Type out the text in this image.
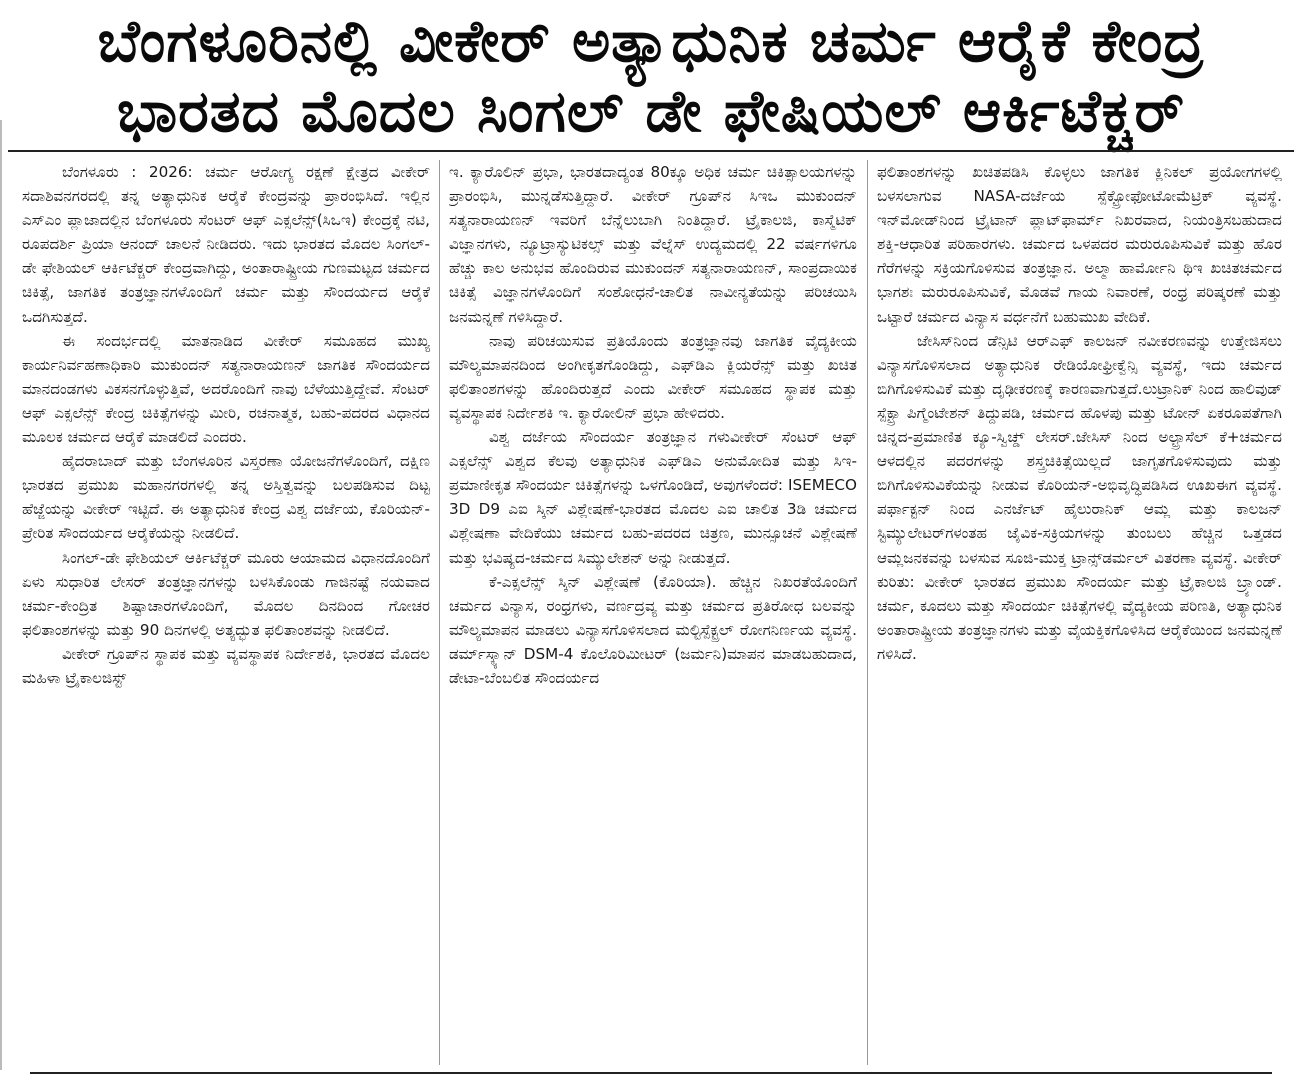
ಬೆಂಗಳೂರಿನಲ್ಲಿ ವೀಕೇರ್ ಅತ್ಯಾಧುನಿಕ ಚರ್ಮ ಆರೈಕೆ ಕೇಂದ್ರ
ಭಾರತದ ಮೊದಲ ಸಿಂಗಲ್ ಡೇ ಫೇಷಿಯಲ್ ಆರ್ಕಿಟೆಕ್ಚರ್

ಬೆಂಗಳೂರು : 2026: ಚರ್ಮ ಆರೋಗ್ಯ ರಕ್ಷಣೆ ಕ್ಷೇತ್ರದ ವೀಕೇರ್ ಸದಾಶಿವನಗರದಲ್ಲಿ ತನ್ನ ಅತ್ಯಾಧುನಿಕ ಆರೈಕೆ ಕೇಂದ್ರವನ್ನು ಪ್ರಾರಂಭಿಸಿದೆ. ಇಲ್ಲಿನ ಎಸ್ಎಂ ಪ್ಲಾಜಾದಲ್ಲಿನ ಬೆಂಗಳೂರು ಸೆಂಟರ್ ಆಫ್ ಎಕ್ಸಲೆನ್ಸ್(ಸಿಒಇ) ಕೇಂದ್ರಕ್ಕೆ ನಟಿ, ರೂಪದರ್ಶಿ ಪ್ರಿಯಾ ಆನಂದ್ ಚಾಲನೆ ನೀಡಿದರು. ಇದು ಭಾರತದ ಮೊದಲ ಸಿಂಗಲ್-ಡೇ ಫೇಶಿಯಲ್ ಆರ್ಕಿಟೆಕ್ಚರ್ ಕೇಂದ್ರವಾಗಿದ್ದು, ಅಂತಾರಾಷ್ಟ್ರೀಯ ಗುಣಮಟ್ಟದ ಚರ್ಮದ ಚಿಕಿತ್ಸೆ, ಜಾಗತಿಕ ತಂತ್ರಜ್ಞಾನಗಳೊಂದಿಗೆ ಚರ್ಮ ಮತ್ತು ಸೌಂದರ್ಯದ ಆರೈಕೆ ಒದಗಿಸುತ್ತದೆ.

ಈ ಸಂದರ್ಭದಲ್ಲಿ ಮಾತನಾಡಿದ ವೀಕೇರ್ ಸಮೂಹದ ಮುಖ್ಯ ಕಾರ್ಯನಿರ್ವಹಣಾಧಿಕಾರಿ ಮುಕುಂದನ್ ಸತ್ಯನಾರಾಯಣನ್ ಜಾಗತಿಕ ಸೌಂದರ್ಯದ ಮಾನದಂಡಗಳು ವಿಕಸನಗೊಳ್ಳುತ್ತಿವೆ, ಅದರೊಂದಿಗೆ ನಾವು ಬೆಳೆಯುತ್ತಿದ್ದೇವೆ. ಸೆಂಟರ್ ಆಫ್ ಎಕ್ಸಲೆನ್ಸ್ ಕೇಂದ್ರ ಚಿಕಿತ್ಸೆಗಳನ್ನು ಮೀರಿ, ರಚನಾತ್ಮಕ, ಬಹು-ಪದರದ ವಿಧಾನದ ಮೂಲಕ ಚರ್ಮದ ಆರೈಕೆ ಮಾಡಲಿದೆ ಎಂದರು.

ಹೈದರಾಬಾದ್ ಮತ್ತು ಬೆಂಗಳೂರಿನ ವಿಸ್ತರಣಾ ಯೋಜನೆಗಳೊಂದಿಗೆ, ದಕ್ಷಿಣ ಭಾರತದ ಪ್ರಮುಖ ಮಹಾನಗರಗಳಲ್ಲಿ ತನ್ನ ಅಸ್ತಿತ್ವವನ್ನು ಬಲಪಡಿಸುವ ದಿಟ್ಟ ಹೆಜ್ಜೆಯನ್ನು ವೀಕೇರ್ ಇಟ್ಟಿದೆ. ಈ ಅತ್ಯಾಧುನಿಕ ಕೇಂದ್ರ ವಿಶ್ವ ದರ್ಜೆಯ, ಕೊರಿಯನ್-ಪ್ರೇರಿತ ಸೌಂದರ್ಯದ ಆರೈಕೆಯನ್ನು ನೀಡಲಿದೆ.

ಸಿಂಗಲ್-ಡೇ ಫೇಶಿಯಲ್ ಆರ್ಕಿಟೆಕ್ಚರ್ ಮೂರು ಆಯಾಮದ ವಿಧಾನದೊಂದಿಗೆ ಏಳು ಸುಧಾರಿತ ಲೇಸರ್ ತಂತ್ರಜ್ಞಾನಗಳನ್ನು ಬಳಸಿಕೊಂಡು ಗಾಜಿನಷ್ಟೆ ನಯವಾದ ಚರ್ಮ-ಕೇಂದ್ರಿತ ಶಿಷ್ಟಾಚಾರಗಳೊಂದಿಗೆ, ಮೊದಲ ದಿನದಿಂದ ಗೋಚರ ಫಲಿತಾಂಶಗಳನ್ನು ಮತ್ತು 90 ದಿನಗಳಲ್ಲಿ ಅತ್ಯದ್ಭುತ ಫಲಿತಾಂಶವನ್ನು ನೀಡಲಿದೆ.

ವೀಕೇರ್ ಗ್ರೂಪ್‌ನ ಸ್ಥಾಪಕ ಮತ್ತು ವ್ಯವಸ್ಥಾಪಕ ನಿರ್ದೇಶಕಿ, ಭಾರತದ ಮೊದಲ ಮಹಿಳಾ ಟ್ರೈಕಾಲಜಿಸ್ಟ್

ಇ. ಕ್ಯಾರೊಲಿನ್ ಪ್ರಭಾ, ಭಾರತದಾದ್ಯಂತ 80ಕ್ಕೂ ಅಧಿಕ ಚರ್ಮ ಚಿಕಿತ್ಸಾಲಯಗಳನ್ನು ಪ್ರಾರಂಭಿಸಿ, ಮುನ್ನಡೆಸುತ್ತಿದ್ದಾರೆ. ವೀಕೇರ್ ಗ್ರೂಪ್‌ನ ಸಿಇಒ ಮುಕುಂದನ್ ಸತ್ಯನಾರಾಯಣನ್ ಇವರಿಗೆ ಬೆನ್ನೆಲುಬಾಗಿ ನಿಂತಿದ್ದಾರೆ. ಟ್ರೈಕಾಲಜಿ, ಕಾಸ್ಮೆಟಿಕ್ ವಿಜ್ಞಾನಗಳು, ನ್ಯೂಟ್ರಾಸ್ಯುಟಿಕಲ್ಸ್ ಮತ್ತು ವೆಲ್ನೆಸ್ ಉದ್ಯಮದಲ್ಲಿ 22 ವರ್ಷಗಳಿಗೂ ಹೆಚ್ಚು ಕಾಲ ಅನುಭವ ಹೊಂದಿರುವ ಮುಕುಂದನ್ ಸತ್ಯನಾರಾಯಣನ್, ಸಾಂಪ್ರದಾಯಿಕ ಚಿಕಿತ್ಸೆ ವಿಜ್ಞಾನಗಳೊಂದಿಗೆ ಸಂಶೋಧನೆ-ಚಾಲಿತ ನಾವೀನ್ಯತೆಯನ್ನು ಪರಿಚಯಿಸಿ ಜನಮನ್ನಣೆ ಗಳಿಸಿದ್ದಾರೆ.

ನಾವು ಪರಿಚಯಿಸುವ ಪ್ರತಿಯೊಂದು ತಂತ್ರಜ್ಞಾನವು ಜಾಗತಿಕ ವೈದ್ಯಕೀಯ ಮೌಲ್ಯಮಾಪನದಿಂದ ಅಂಗೀಕೃತಗೊಂಡಿದ್ದು, ಎಫ್‌ಡಿಎ ಕ್ಲಿಯರೆನ್ಸ್ ಮತ್ತು ಖಚಿತ ಫಲಿತಾಂಶಗಳನ್ನು ಹೊಂದಿರುತ್ತದೆ ಎಂದು ವೀಕೇರ್ ಸಮೂಹದ ಸ್ಥಾಪಕ ಮತ್ತು ವ್ಯವಸ್ಥಾಪಕ ನಿರ್ದೇಶಕಿ ಇ. ಕ್ಯಾರೋಲಿನ್ ಪ್ರಭಾ ಹೇಳಿದರು.

ವಿಶ್ವ ದರ್ಜೆಯ ಸೌಂದರ್ಯ ತಂತ್ರಜ್ಞಾನ ಗಳುವೀಕೇರ್ ಸೆಂಟರ್ ಆಫ್ ಎಕ್ಸಲೆನ್ಸ್ ವಿಶ್ವದ ಕೆಲವು ಅತ್ಯಾಧುನಿಕ ಎಫ್‌ಡಿಎ ಅನುಮೋದಿತ ಮತ್ತು ಸಿಇ-ಪ್ರಮಾಣೀಕೃತ ಸೌಂದರ್ಯ ಚಿಕಿತ್ಸೆಗಳನ್ನು ಒಳಗೊಂಡಿದೆ, ಅವುಗಳೆಂದರೆ: ISEMECO 3D D9 ಎಐ ಸ್ಕಿನ್ ವಿಶ್ಲೇಷಣೆ-ಭಾರತದ ಮೊದಲ ಎಐ ಚಾಲಿತ 3ಡಿ ಚರ್ಮದ ವಿಶ್ಲೇಷಣಾ ವೇದಿಕೆಯು ಚರ್ಮದ ಬಹು-ಪದರದ ಚಿತ್ರಣ, ಮುನ್ಸೂಚನೆ ವಿಶ್ಲೇಷಣೆ ಮತ್ತು ಭವಿಷ್ಯದ-ಚರ್ಮದ ಸಿಮ್ಯುಲೇಶನ್ ಅನ್ನು ನೀಡುತ್ತದೆ.

ಕೆ-ಎಕ್ಸಲೆನ್ಸ್ ಸ್ಕಿನ್ ವಿಶ್ಲೇಷಣೆ (ಕೊರಿಯಾ). ಹೆಚ್ಚಿನ ನಿಖರತೆಯೊಂದಿಗೆ ಚರ್ಮದ ವಿನ್ಯಾಸ, ರಂಧ್ರಗಳು, ವರ್ಣದ್ರವ್ಯ ಮತ್ತು ಚರ್ಮದ ಪ್ರತಿರೋಧ ಬಲವನ್ನು ಮೌಲ್ಯಮಾಪನ ಮಾಡಲು ವಿನ್ಯಾಸಗೊಳಿಸಲಾದ ಮಲ್ಟಿಸ್ಪೆಕ್ಟ್ರಲ್ ರೋಗನಿರ್ಣಯ ವ್ಯವಸ್ಥೆ. ಡರ್ಮ್‌ಸ್ಕ್ಯಾನ್ DSM-4 ಕೊಲೊರಿಮೀಟರ್ (ಜರ್ಮನಿ)ಮಾಪನ ಮಾಡಬಹುದಾದ, ಡೇಟಾ-ಬೆಂಬಲಿತ ಸೌಂದರ್ಯದ

ಫಲಿತಾಂಶಗಳನ್ನು ಖಚಿತಪಡಿಸಿ ಕೊಳ್ಳಲು ಜಾಗತಿಕ ಕ್ಲಿನಿಕಲ್ ಪ್ರಯೋಗಗಳಲ್ಲಿ ಬಳಸಲಾಗುವ NASA-ದರ್ಜೆಯ ಸ್ಪೆಕ್ಟ್ರೋಫೋಟೋಮೆಟ್ರಿಕ್ ವ್ಯವಸ್ಥೆ. ಇನ್‌ಮೋಡ್‌ನಿಂದ ಟ್ರೈಟಾನ್ ಪ್ಲಾಟ್‌ಫಾರ್ಮ್ ನಿಖರವಾದ, ನಿಯಂತ್ರಿಸಬಹುದಾದ ಶಕ್ತಿ-ಆಧಾರಿತ ಪರಿಹಾರಗಳು. ಚರ್ಮದ ಒಳಪದರ ಮರುರೂಪಿಸುವಿಕೆ ಮತ್ತು ಹೊರ ಗೆರೆಗಳನ್ನು ಸಕ್ರಿಯಗೊಳಿಸುವ ತಂತ್ರಜ್ಞಾನ. ಅಲ್ಮಾ ಹಾರ್ಮೋನಿ ಥಿಇ ಖಚಿತಚರ್ಮದ ಭಾಗಶಃ ಮರುರೂಪಿಸುವಿಕೆ, ಮೊಡವೆ ಗಾಯ ನಿವಾರಣೆ, ರಂಧ್ರ ಪರಿಷ್ಕರಣೆ ಮತ್ತು ಒಟ್ಟಾರೆ ಚರ್ಮದ ವಿನ್ಯಾಸ ವರ್ಧನೆಗೆ ಬಹುಮುಖ ವೇದಿಕೆ.

ಜೇಸಿಸ್‌ನಿಂದ ಡೆನ್ಸಿಟಿ ಆರ್‌ಎಫ್ ಕಾಲಜನ್ ನವೀಕರಣವನ್ನು ಉತ್ತೇಜಿಸಲು ವಿನ್ಯಾಸಗೊಳಿಸಲಾದ ಅತ್ಯಾಧುನಿಕ ರೇಡಿಯೋಫ್ರೀಕ್ವೆನ್ಸಿ ವ್ಯವಸ್ಥೆ, ಇದು ಚರ್ಮದ ಬಿಗಿಗೊಳಿಸುವಿಕೆ ಮತ್ತು ದೃಢೀಕರಣಕ್ಕೆ ಕಾರಣವಾಗುತ್ತದೆ.ಲುಟ್ರಾನಿಕ್ ನಿಂದ ಹಾಲಿವುಡ್ ಸ್ಪೆಕ್ಟ್ರಾ ಪಿಗ್ಮೆಂಟೇಶನ್ ತಿದ್ದುಪಡಿ, ಚರ್ಮದ ಹೊಳಪು ಮತ್ತು ಟೋನ್ ಏಕರೂಪತೆಗಾಗಿ ಚಿನ್ನದ-ಪ್ರಮಾಣಿತ ಕ್ಯೂ-ಸ್ವಿಚ್ಡ್ ಲೇಸರ್.ಜೇಸಿಸ್ ನಿಂದ ಅಲ್ಟ್ರಾಸೆಲ್ ಕೆ+ಚರ್ಮದ ಆಳದಲ್ಲಿನ ಪದರಗಳನ್ನು ಶಸ್ತ್ರಚಿಕಿತ್ಸೆಯಿಲ್ಲದೆ ಜಾಗೃತಗೊಳಿಸುವುದು ಮತ್ತು ಬಿಗಿಗೊಳಿಸುವಿಕೆಯನ್ನು ನೀಡುವ ಕೊರಿಯನ್-ಅಭಿವೃದ್ಧಿಪಡಿಸಿದ ಊಖಈಗ ವ್ಯವಸ್ಥೆ. ಪರ್ಫಾಕ್ಟನ್ ನಿಂದ ಎನರ್ಜೆಟ್ ಹೈಲುರಾನಿಕ್ ಆಮ್ಲ ಮತ್ತು ಕಾಲಜನ್ ಸ್ಟಿಮ್ಯುಲೇಟರ್‌ಗಳಂತಹ ಜೈವಿಕ-ಸಕ್ರಿಯಗಳನ್ನು ತುಂಬಲು ಹೆಚ್ಚಿನ ಒತ್ತಡದ ಆಮ್ಲಜನಕವನ್ನು ಬಳಸುವ ಸೂಜಿ-ಮುಕ್ತ ಟ್ರಾನ್ಸ್‌ಡರ್ಮಲ್ ವಿತರಣಾ ವ್ಯವಸ್ಥೆ. ವೀಕೇರ್ ಕುರಿತು: ವೀಕೇರ್ ಭಾರತದ ಪ್ರಮುಖ ಸೌಂದರ್ಯ ಮತ್ತು ಟ್ರೈಕಾಲಜಿ ಬ್ರ್ಯಾಂಡ್. ಚರ್ಮ, ಕೂದಲು ಮತ್ತು ಸೌಂದರ್ಯ ಚಿಕಿತ್ಸೆಗಳಲ್ಲಿ ವೈದ್ಯಕೀಯ ಪರಿಣತಿ, ಅತ್ಯಾಧುನಿಕ ಅಂತಾರಾಷ್ಟ್ರೀಯ ತಂತ್ರಜ್ಞಾನಗಳು ಮತ್ತು ವೈಯಕ್ತಿಕಗೊಳಿಸಿದ ಆರೈಕೆಯಿಂದ ಜನಮನ್ನಣೆ ಗಳಿಸಿದೆ.
